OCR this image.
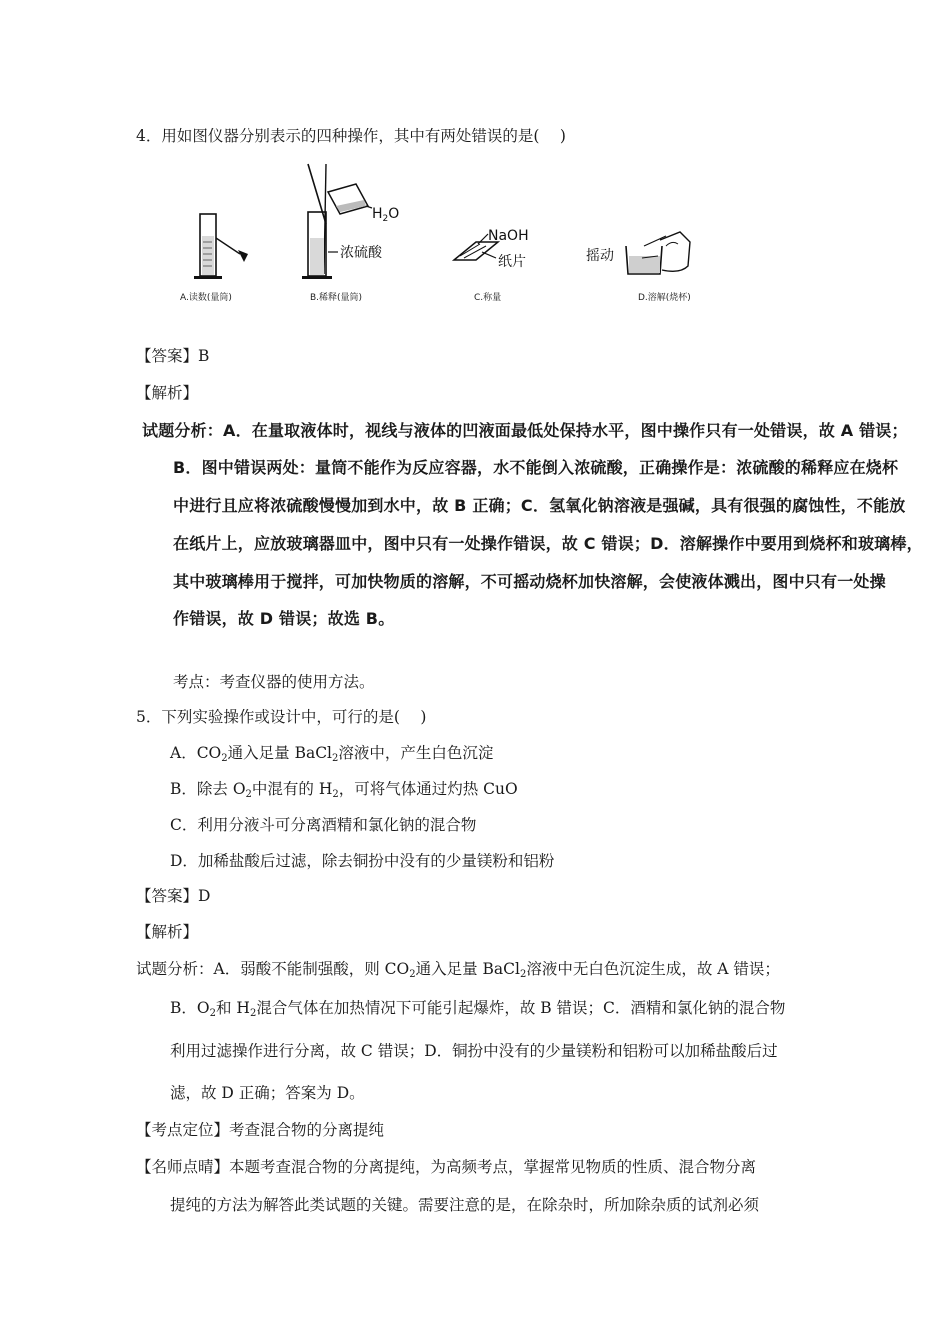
4．用如图仪器分别表示的四种操作，其中有两处错误的是(　 )
A.读数(量筒)
$H_2O$
浓硫酸
B.稀释(量筒)
NaOH
纸片
C.称量
摇动
D.溶解(烧杯)
【答案】B
【解析】
试题分析：A．在量取液体时，视线与液体的凹液面最低处保持水平，图中操作只有一处错误，故 A 错误；
B．图中错误两处：量筒不能作为反应容器，水不能倒入浓硫酸，正确操作是：浓硫酸的稀释应在烧杯
中进行且应将浓硫酸慢慢加到水中，故 B 正确；C．氢氧化钠溶液是强碱，具有很强的腐蚀性，不能放
在纸片上，应放玻璃器皿中，图中只有一处操作错误，故 C 错误；D．溶解操作中要用到烧杯和玻璃棒，
其中玻璃棒用于搅拌，可加快物质的溶解，不可摇动烧杯加快溶解，会使液体溅出，图中只有一处操
作错误，故 D 错误；故选 B。
考点：考查仪器的使用方法。
5．下列实验操作或设计中，可行的是(　 )
A．$CO_2$通入足量 BaCl$_2$溶液中，产生白色沉淀
B．除去 $O_2$中混有的 $H_2$，可将气体通过灼热 CuO
C．利用分液斗可分离酒精和氯化钠的混合物
D．加稀盐酸后过滤，除去铜扮中没有的少量镁粉和铝粉
【答案】D
【解析】
试题分析：A．弱酸不能制强酸，则 $CO_2$通入足量 BaCl$_2$溶液中无白色沉淀生成，故 A 错误；
B．$O_2$和 $H_2$混合气体在加热情况下可能引起爆炸，故 B 错误；C．酒精和氯化钠的混合物
利用过滤操作进行分离，故 C 错误；D．铜扮中没有的少量镁粉和铝粉可以加稀盐酸后过
滤，故 D 正确；答案为 D。
【考点定位】考查混合物的分离提纯
【名师点晴】本题考查混合物的分离提纯，为高频考点，掌握常见物质的性质、混合物分离
提纯的方法为解答此类试题的关键。需要注意的是，在除杂时，所加除杂质的试剂必须
